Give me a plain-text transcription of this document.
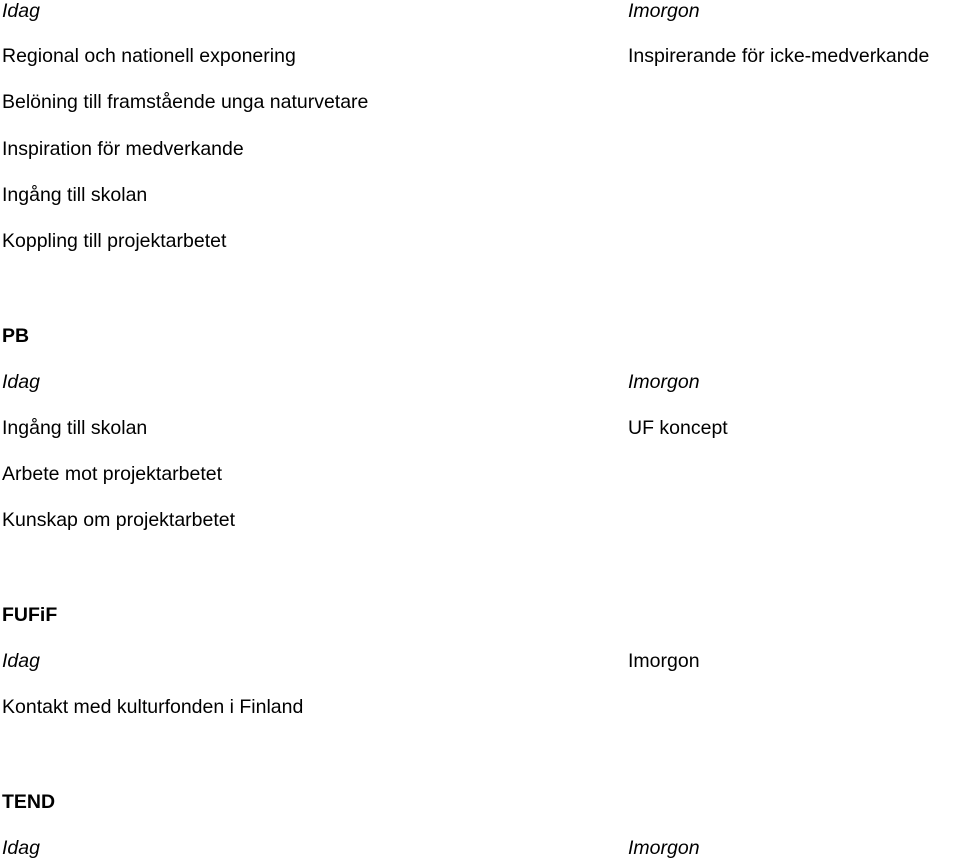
Idag	Imorgon
Regional och nationell exponering	Inspirerande för icke-medverkande
Belöning till framstående unga naturvetare
Inspiration för medverkande
Ingång till skolan
Koppling till projektarbetet
PB
Idag	Imorgon
Ingång till skolan	UF koncept
Arbete mot projektarbetet
Kunskap om projektarbetet
FUFiF
Idag	Imorgon
Kontakt med kulturfonden i Finland
TEND
Idag	Imorgon
